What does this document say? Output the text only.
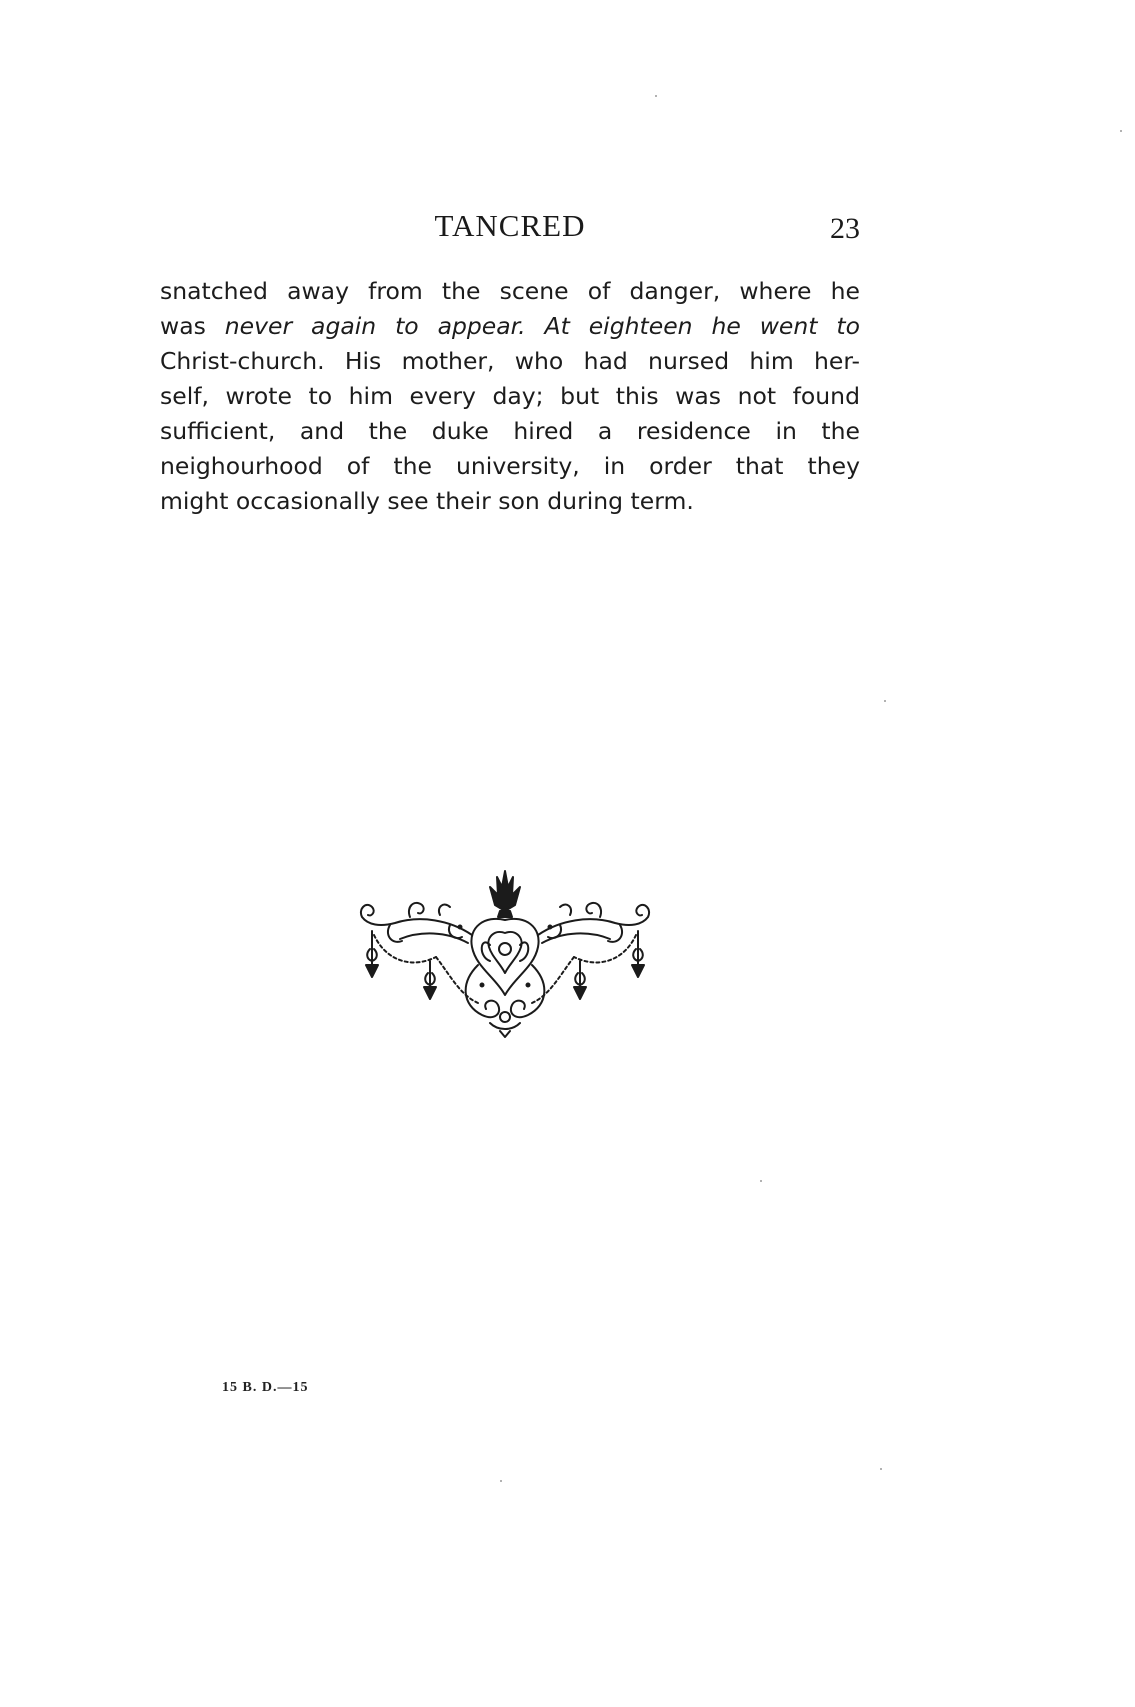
TANCRED	23
snatched away from the scene of danger, where he
was never again to appear. At eighteen he went to
Christ-church. His mother, who had nursed him her-
self, wrote to him every day; but this was not found
sufficient, and the duke hired a residence in the
neighourhood of the university, in order that they
might occasionally see their son during term.
15 B. D.—15
